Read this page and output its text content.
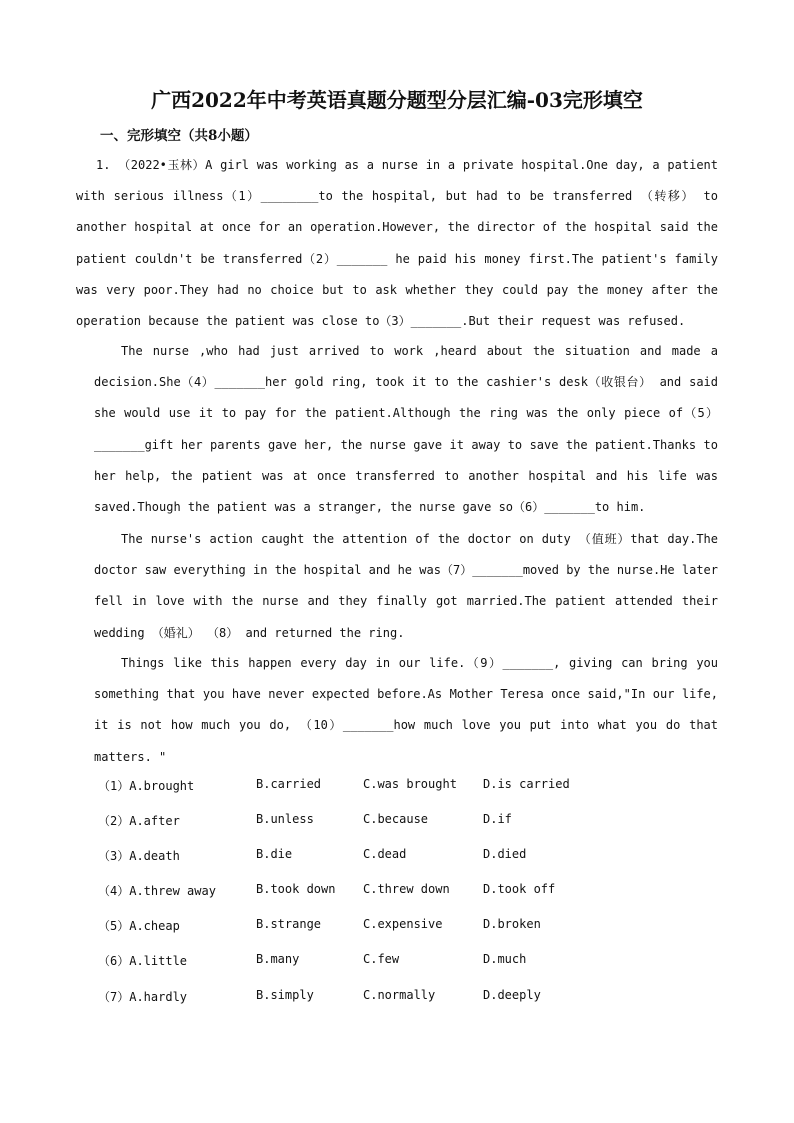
广西2022年中考英语真题分题型分层汇编-03完形填空
一、完形填空（共8小题）
1. （2022•玉林）A girl was working as a nurse in a private hospital.One day, a patient with serious illness（1）________to the hospital, but had to be transferred （转移） to another hospital at once for an operation.However, the director of the hospital said the patient couldn't be transferred（2）_______ he paid his money first.The patient's family was very poor.They had no choice but to ask whether they could pay the money after the operation because the patient was close to（3）_______.But their request was refused.
The nurse ,who had just arrived to work ,heard about the situation and made a decision.She（4）_______her gold ring, took it to the cashier's desk（收银台） and said she would use it to pay for the patient.Although the ring was the only piece of（5）_______gift her parents gave her, the nurse gave it away to save the patient.Thanks to her help, the patient was at once transferred to another hospital and his life was saved.Though the patient was a stranger, the nurse gave so（6）_______to him.
The nurse's action caught the attention of the doctor on duty （值班）that day.The doctor saw everything in the hospital and he was（7）_______moved by the nurse.He later fell in love with the nurse and they finally got married.The patient attended their wedding （婚礼） （8） and returned the ring.
Things like this happen every day in our life.（9）_______, giving can bring you something that you have never expected before.As Mother Teresa once said,"In our life, it is not how much you do, （10）_______how much love you put into what you do that matters. "
（1）A.brought	B.carried	C.was brought D.is carried
（2）A.after	B.unless	C.because	D.if
（3）A.death	B.die	C.dead	D.died
（4）A.threw away	B.took down C.threw down	D.took off
（5）A.cheap	B.strange	C.expensive	D.broken
（6）A.little	B.many	C.few	D.much
（7）A.hardly	B.simply	C.normally	D.deeply
